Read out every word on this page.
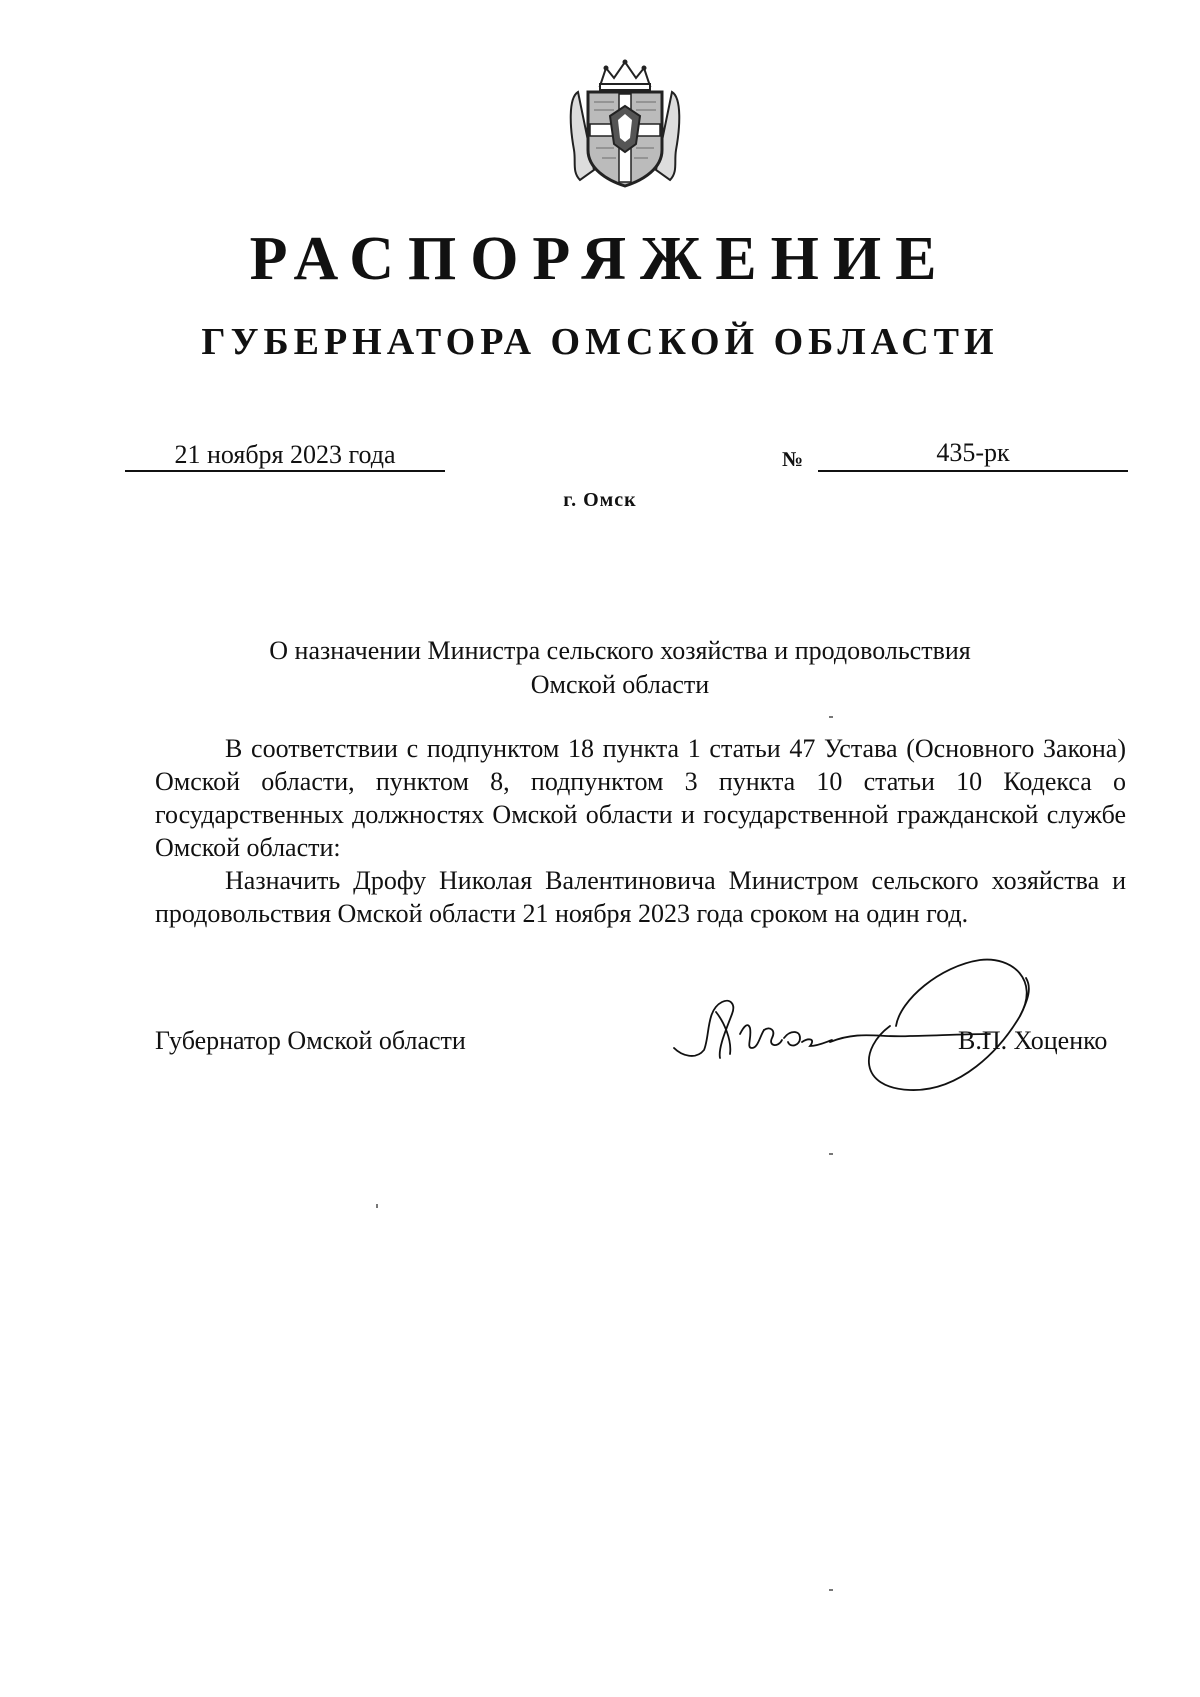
РАСПОРЯЖЕНИЕ
ГУБЕРНАТОРА ОМСКОЙ ОБЛАСТИ
21 ноября 2023 года	№	435-рк
г. Омск
О назначении Министра сельского хозяйства и продовольствия
Омской области

В соответствии с подпунктом 18 пункта 1 статьи 47 Устава (Основного Закона) Омской области, пунктом 8, подпунктом 3 пункта 10 статьи 10 Кодекса о государственных должностях Омской области и государственной гражданской службе Омской области:

Назначить Дрофу Николая Валентиновича Министром сельского хозяйства и продовольствия Омской области 21 ноября 2023 года сроком на один год.

Губернатор Омской области	В.П. Хоценко
